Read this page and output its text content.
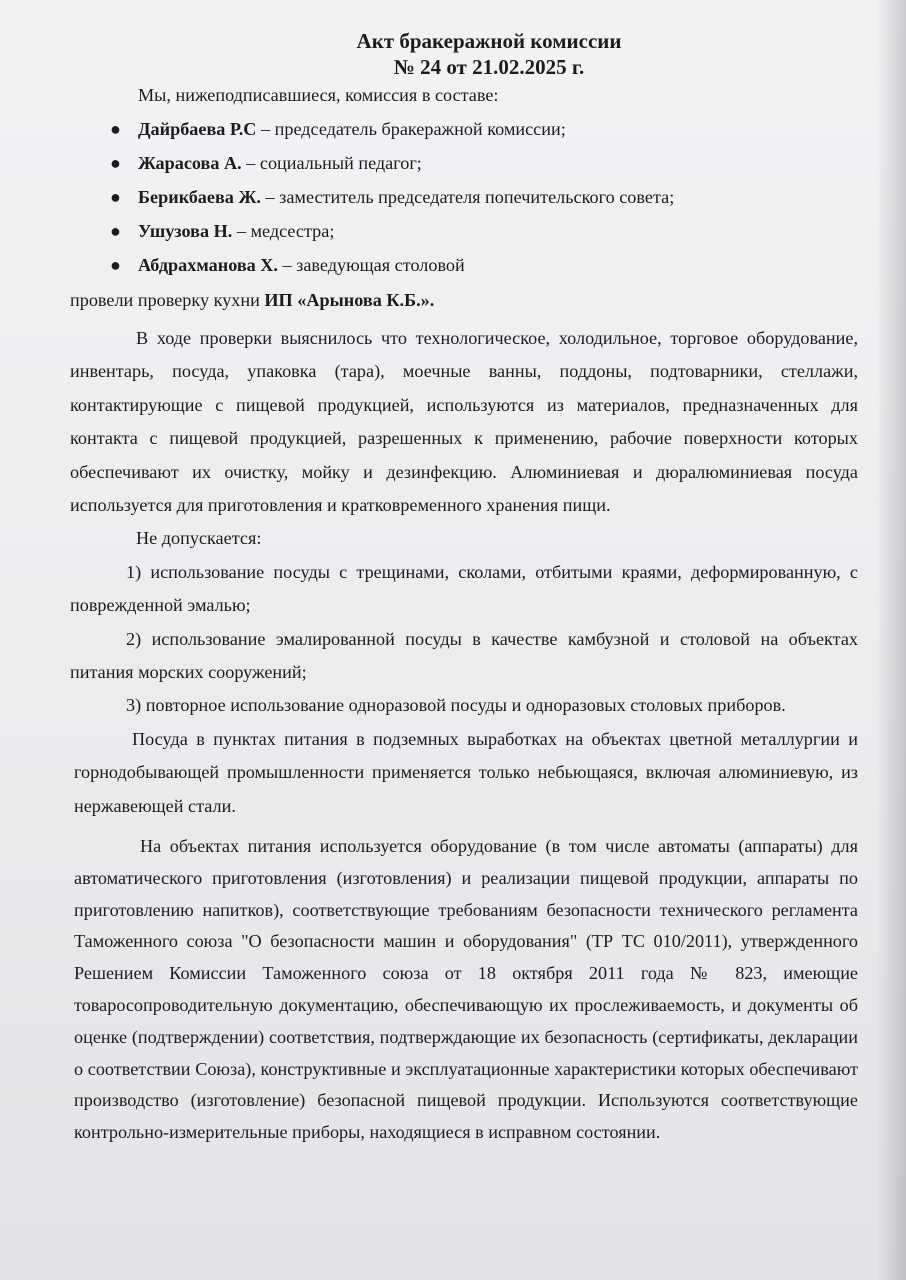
Акт бракеражной комиссии
№ 24 от 21.02.2025 г.

Мы, нижеподписавшиеся, комиссия в составе:

● Дайрбаева Р.С – председатель бракеражной комиссии;
● Жарасова А. – социальный педагог;
● Берикбаева Ж. – заместитель председателя попечительского совета;
● Ушузова Н. – медсестра;
● Абдрахманова Х. – заведующая столовой

провели проверку кухни ИП «Арынова К.Б.».

В ходе проверки выяснилось что технологическое, холодильное, торговое оборудование, инвентарь, посуда, упаковка (тара), моечные ванны, поддоны, подтоварники, стеллажи, контактирующие с пищевой продукцией, используются из материалов, предназначенных для контакта с пищевой продукцией, разрешенных к применению, рабочие поверхности которых обеспечивают их очистку, мойку и дезинфекцию. Алюминиевая и дюралюминиевая посуда используется для приготовления и кратковременного хранения пищи.

Не допускается:

1) использование посуды с трещинами, сколами, отбитыми краями, деформированную, с поврежденной эмалью;

2) использование эмалированной посуды в качестве камбузной и столовой на объектах питания морских сооружений;

3) повторное использование одноразовой посуды и одноразовых столовых приборов.

Посуда в пунктах питания в подземных выработках на объектах цветной металлургии и горнодобывающей промышленности применяется только небьющаяся, включая алюминиевую, из нержавеющей стали.

На объектах питания используется оборудование (в том числе автоматы (аппараты) для автоматического приготовления (изготовления) и реализации пищевой продукции, аппараты по приготовлению напитков), соответствующие требованиям безопасности технического регламента Таможенного союза "О безопасности машин и оборудования" (ТР ТС 010/2011), утвержденного Решением Комиссии Таможенного союза от 18 октября 2011 года № 823, имеющие товаросопроводительную документацию, обеспечивающую их прослеживаемость, и документы об оценке (подтверждении) соответствия, подтверждающие их безопасность (сертификаты, декларации о соответствии Союза), конструктивные и эксплуатационные характеристики которых обеспечивают производство (изготовление) безопасной пищевой продукции. Используются соответствующие контрольно-измерительные приборы, находящиеся в исправном состоянии.
